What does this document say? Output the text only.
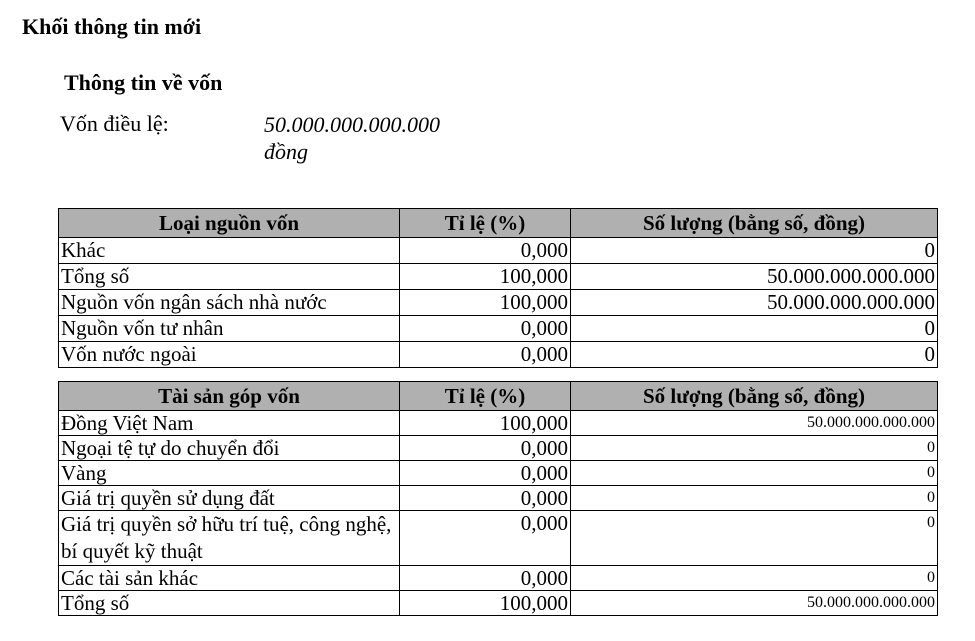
Khối thông tin mới
Thông tin về vốn
Vốn điều lệ:	50.000.000.000.000 đồng
Loại nguồn vốn	Tỉ lệ (%)	Số lượng (bằng số, đồng)
Khác	0,000	0
Tổng số	100,000	50.000.000.000.000
Nguồn vốn ngân sách nhà nước	100,000	50.000.000.000.000
Nguồn vốn tư nhân	0,000	0
Vốn nước ngoài	0,000	0
Tài sản góp vốn	Tỉ lệ (%)	Số lượng (bằng số, đồng)
Đồng Việt Nam	100,000	50.000.000.000.000
Ngoại tệ tự do chuyển đổi	0,000	0
Vàng	0,000	0
Giá trị quyền sử dụng đất	0,000	0
Giá trị quyền sở hữu trí tuệ, công nghệ, bí quyết kỹ thuật	0,000	0
Các tài sản khác	0,000	0
Tổng số	100,000	50.000.000.000.000
